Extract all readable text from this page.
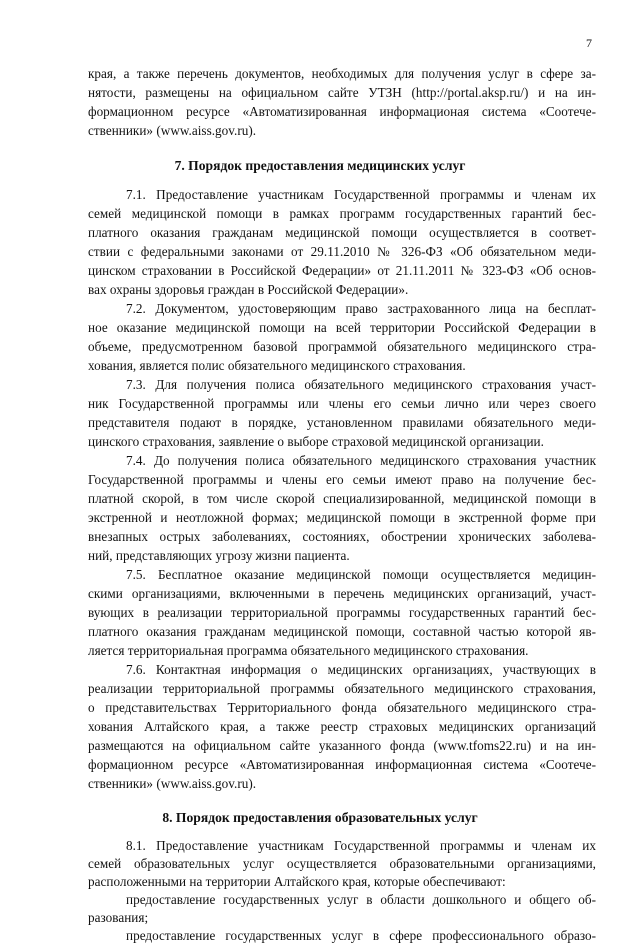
7
края, а также перечень документов, необходимых для получения услуг в сфере за-
нятости, размещены на официальном сайте УТЗН (http://portal.aksp.ru/) и на ин-
формационном ресурсе «Автоматизированная информационая система «Соотече-
ственники» (www.aiss.gov.ru).
7. Порядок предоставления медицинских услуг
7.1. Предоставление участникам Государственной программы и членам их
семей медицинской помощи в рамках программ государственных гарантий бес-
платного оказания гражданам медицинской помощи осуществляется в соответ-
ствии с федеральными законами от 29.11.2010 № 326-ФЗ «Об обязательном меди-
цинском страховании в Российской Федерации» от 21.11.2011 № 323-ФЗ «Об основ-
вах охраны здоровья граждан в Российской Федерации».
7.2. Документом, удостоверяющим право застрахованного лица на бесплат-
ное оказание медицинской помощи на всей территории Российской Федерации в
объеме, предусмотренном базовой программой обязательного медицинского стра-
хования, является полис обязательного медицинского страхования.
7.3. Для получения полиса обязательного медицинского страхования участ-
ник Государственной программы или члены его семьи лично или через своего
представителя подают в порядке, установленном правилами обязательного меди-
цинского страхования, заявление о выборе страховой медицинской организации.
7.4. До получения полиса обязательного медицинского страхования участник
Государственной программы и члены его семьи имеют право на получение бес-
платной скорой, в том числе скорой специализированной, медицинской помощи в
экстренной и неотложной формах; медицинской помощи в экстренной форме при
внезапных острых заболеваниях, состояниях, обострении хронических заболева-
ний, представляющих угрозу жизни пациента.
7.5. Бесплатное оказание медицинской помощи осуществляется медицин-
скими организациями, включенными в перечень медицинских организаций, участ-
вующих в реализации территориальной программы государственных гарантий бес-
платного оказания гражданам медицинской помощи, составной частью которой яв-
ляется территориальная программа обязательного медицинского страхования.
7.6. Контактная информация о медицинских организациях, участвующих в
реализации территориальной программы обязательного медицинского страхования,
о представительствах Территориального фонда обязательного медицинского стра-
хования Алтайского края, а также реестр страховых медицинских организаций
размещаются на официальном сайте указанного фонда (www.tfoms22.ru) и на ин-
формационном ресурсе «Автоматизированная информационная система «Соотече-
ственники» (www.aiss.gov.ru).
8. Порядок предоставления образовательных услуг
8.1. Предоставление участникам Государственной программы и членам их
семей образовательных услуг осуществляется образовательными организациями,
расположенными на территории Алтайского края, которые обеспечивают:
предоставление государственных услуг в области дошкольного и общего об-
разования;
предоставление государственных услуг в сфере профессионального образо-
